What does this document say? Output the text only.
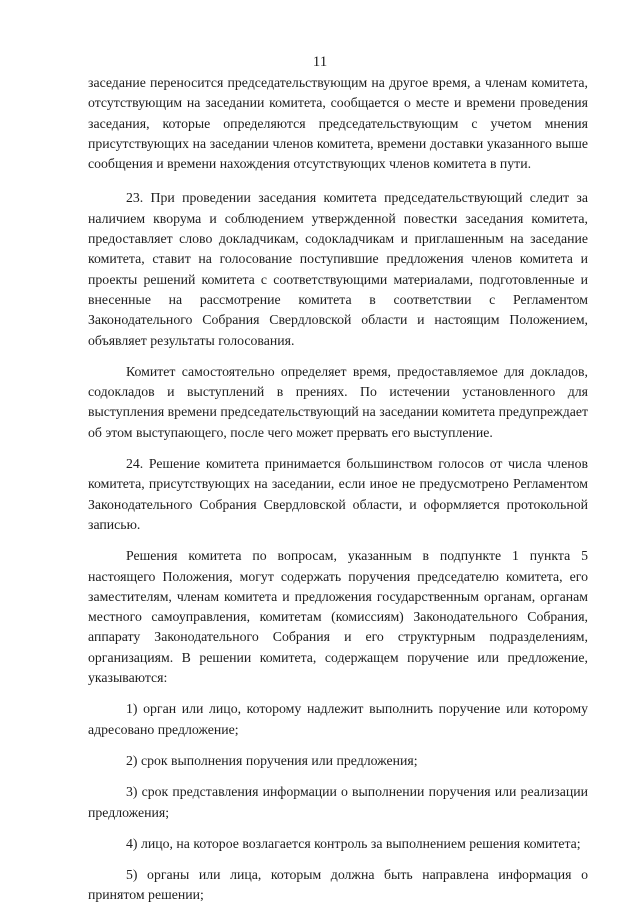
11

заседание переносится председательствующим на другое время, а членам комитета, отсутствующим на заседании комитета, сообщается о месте и времени проведения заседания, которые определяются председательствующим с учетом мнения присутствующих на заседании членов комитета, времени доставки указанного выше сообщения и времени нахождения отсутствующих членов комитета в пути.

23. При проведении заседания комитета председательствующий следит за наличием кворума и соблюдением утвержденной повестки заседания комитета, предоставляет слово докладчикам, содокладчикам и приглашенным на заседание комитета, ставит на голосование поступившие предложения членов комитета и проекты решений комитета с соответствующими материалами, подготовленные и внесенные на рассмотрение комитета в соответствии с Регламентом Законодательного Собрания Свердловской области и настоящим Положением, объявляет результаты голосования.

Комитет самостоятельно определяет время, предоставляемое для докладов, содокладов и выступлений в прениях. По истечении установленного для выступления времени председательствующий на заседании комитета предупреждает об этом выступающего, после чего может прервать его выступление.

24. Решение комитета принимается большинством голосов от числа членов комитета, присутствующих на заседании, если иное не предусмотрено Регламентом Законодательного Собрания Свердловской области, и оформляется протокольной записью.

Решения комитета по вопросам, указанным в подпункте 1 пункта 5 настоящего Положения, могут содержать поручения председателю комитета, его заместителям, членам комитета и предложения государственным органам, органам местного самоуправления, комитетам (комиссиям) Законодательного Собрания, аппарату Законодательного Собрания и его структурным подразделениям, организациям. В решении комитета, содержащем поручение или предложение, указываются:

1) орган или лицо, которому надлежит выполнить поручение или которому адресовано предложение;

2) срок выполнения поручения или предложения;

3) срок представления информации о выполнении поручения или реализации предложения;

4) лицо, на которое возлагается контроль за выполнением решения комитета;

5) органы или лица, которым должна быть направлена информация о принятом решении;
